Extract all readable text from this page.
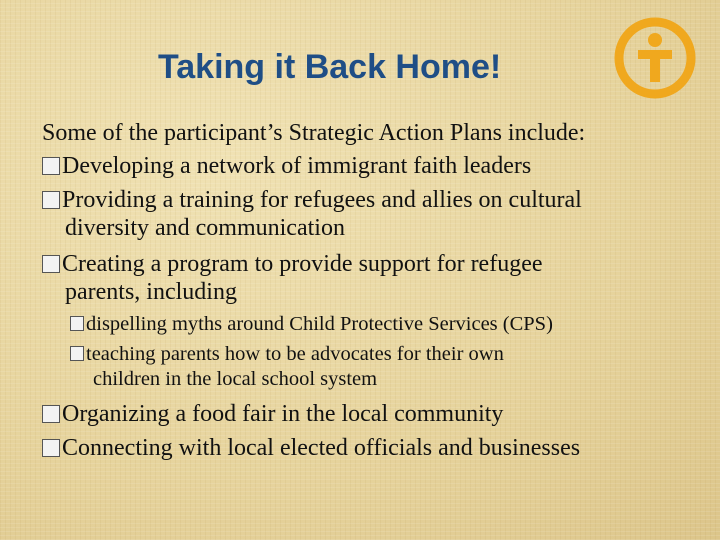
Taking it Back Home!
Some of the participant’s Strategic Action Plans include:
Developing a network of immigrant faith leaders
Providing a training for refugees and allies on cultural
diversity and communication
Creating a program to provide support for refugee
parents, including
dispelling myths around Child Protective Services (CPS)
teaching parents how to be advocates for their own
children in the local school system
Organizing a food fair in the local community
Connecting with local elected officials and businesses
